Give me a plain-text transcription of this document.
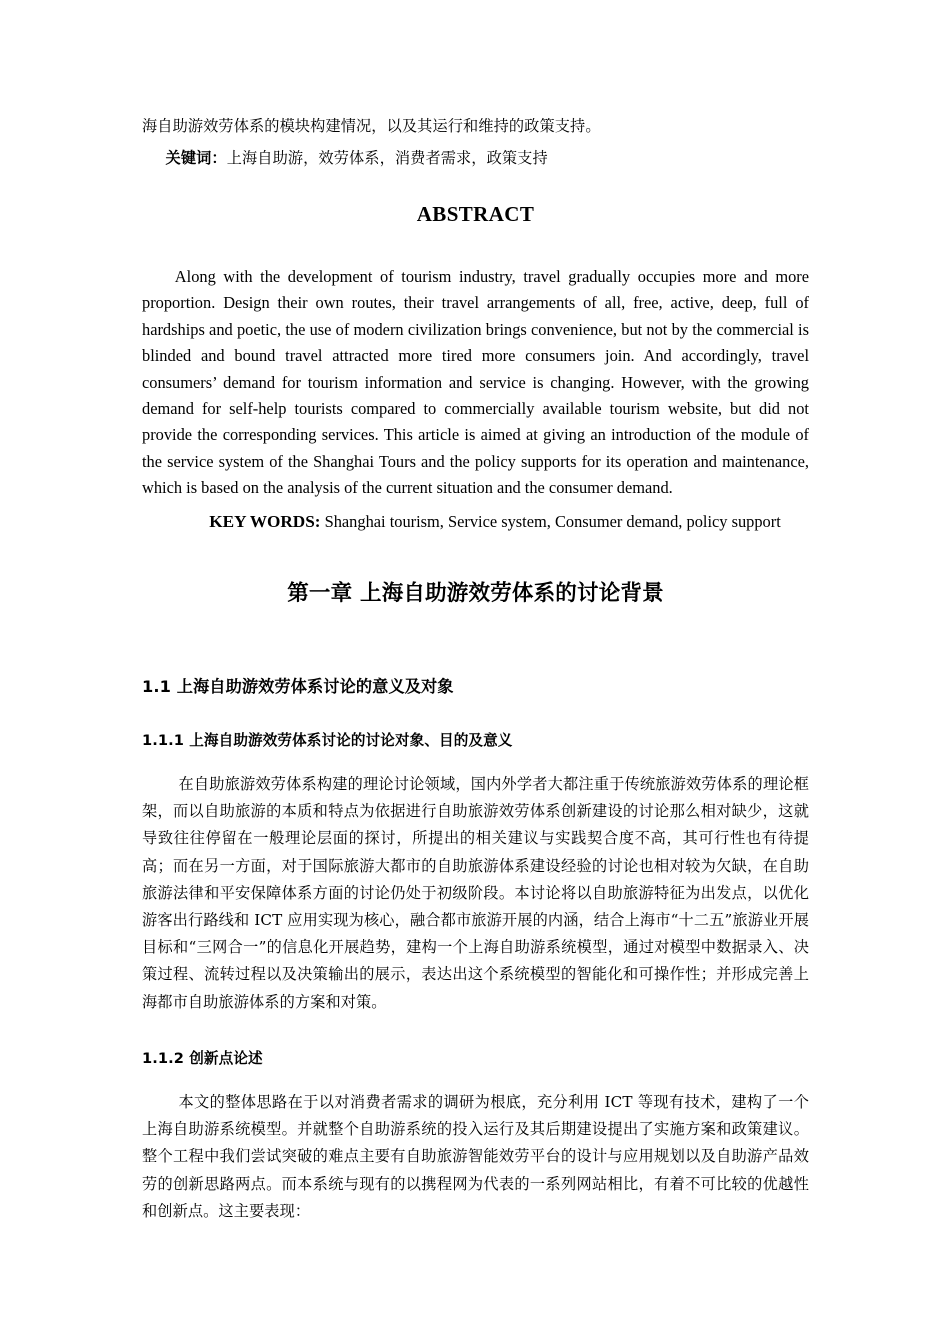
海自助游效劳体系的模块构建情况，以及其运行和维持的政策支持。

关键词：上海自助游，效劳体系，消费者需求，政策支持

ABSTRACT

Along with the development of tourism industry, travel gradually occupies more and more proportion. Design their own routes, their travel arrangements of all, free, active, deep, full of hardships and poetic, the use of modern civilization brings convenience, but not by the commercial is blinded and bound travel attracted more tired more consumers join. And accordingly, travel consumers’ demand for tourism information and service is changing. However, with the growing demand for self-help tourists compared to commercially available tourism website, but did not provide the corresponding services. This article is aimed at giving an introduction of the module of the service system of the Shanghai Tours and the policy supports for its operation and maintenance, which is based on the analysis of the current situation and the consumer demand.

KEY WORDS: Shanghai tourism, Service system, Consumer demand, policy support

第一章 上海自助游效劳体系的讨论背景
1.1 上海自助游效劳体系讨论的意义及对象
1.1.1 上海自助游效劳体系讨论的讨论对象、目的及意义

在自助旅游效劳体系构建的理论讨论领域，国内外学者大都注重于传统旅游效劳体系的理论框架，而以自助旅游的本质和特点为依据进行自助旅游效劳体系创新建设的讨论那么相对缺少，这就导致往往停留在一般理论层面的探讨，所提出的相关建议与实践契合度不高，其可行性也有待提高；而在另一方面，对于国际旅游大都市的自助旅游体系建设经验的讨论也相对较为欠缺，在自助旅游法律和平安保障体系方面的讨论仍处于初级阶段。本讨论将以自助旅游特征为出发点，以优化游客出行路线和 ICT 应用实现为核心，融合都市旅游开展的内涵，结合上海市“十二五”旅游业开展目标和“三网合一”的信息化开展趋势，建构一个上海自助游系统模型，通过对模型中数据录入、决策过程、流转过程以及决策输出的展示，表达出这个系统模型的智能化和可操作性；并形成完善上海都市自助旅游体系的方案和对策。

1.1.2 创新点论述

本文的整体思路在于以对消费者需求的调研为根底，充分利用 ICT 等现有技术，建构了一个上海自助游系统模型。并就整个自助游系统的投入运行及其后期建设提出了实施方案和政策建议。整个工程中我们尝试突破的难点主要有自助旅游智能效劳平台的设计与应用规划以及自助游产品效劳的创新思路两点。而本系统与现有的以携程网为代表的一系列网站相比，有着不可比较的优越性和创新点。这主要表现：
